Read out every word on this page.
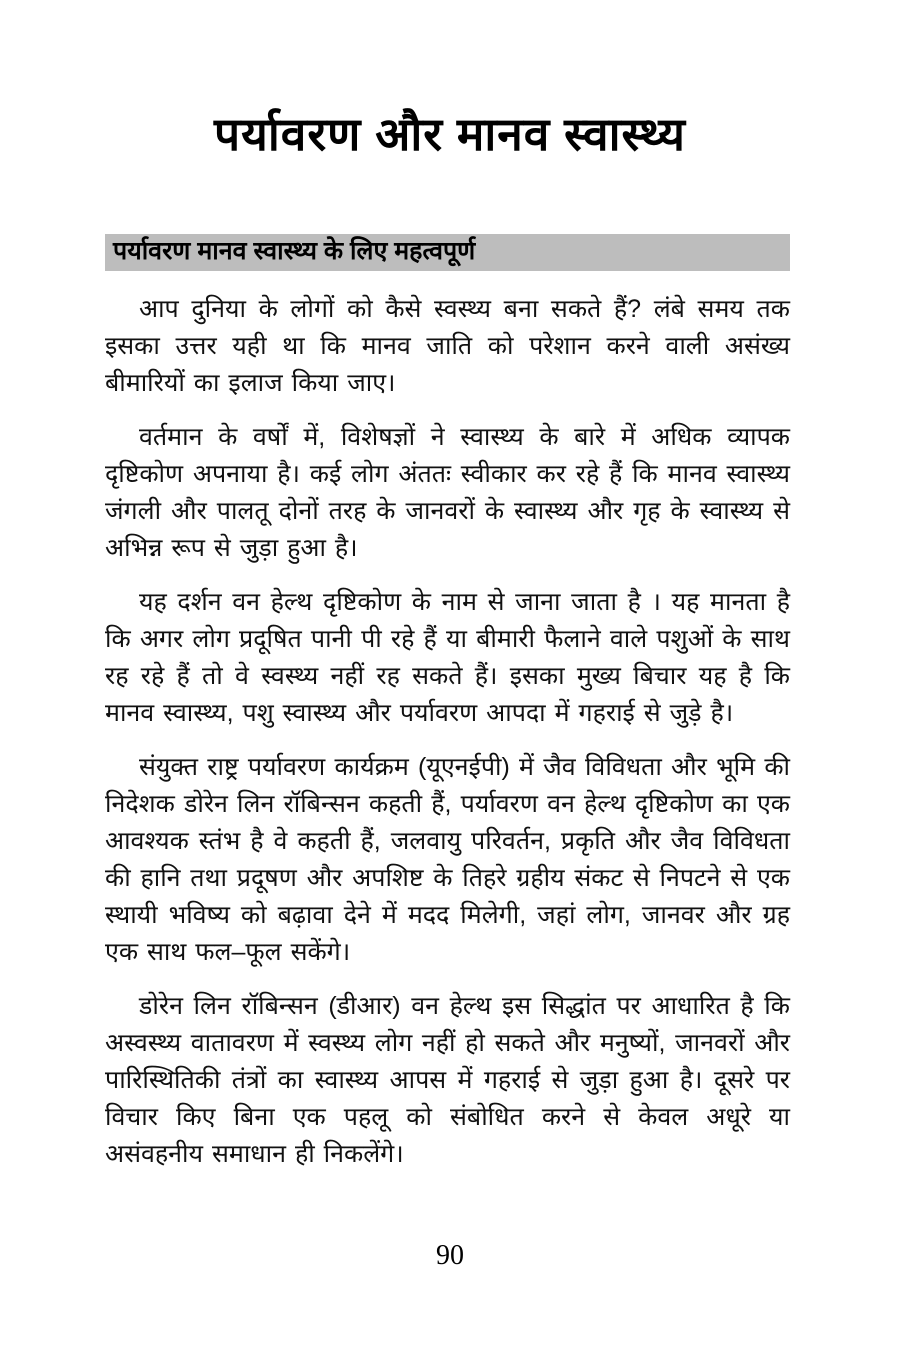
पर्यावरण और मानव स्वास्थ्य
पर्यावरण मानव स्वास्थ्य के लिए महत्वपूर्ण

आप दुनिया के लोगों को कैसे स्वस्थ्य बना सकते हैं? लंबे समय तक इसका उत्तर यही था कि मानव जाति को परेशान करने वाली असंख्य बीमारियों का इलाज किया जाए।

वर्तमान के वर्षों में, विशेषज्ञों ने स्वास्थ्य के बारे में अधिक व्यापक दृष्टिकोण अपनाया है। कई लोग अंततः स्वीकार कर रहे हैं कि मानव स्वास्थ्य जंगली और पालतू दोनों तरह के जानवरों के स्वास्थ्य और गृह के स्वास्थ्य से अभिन्न रूप से जुड़ा हुआ है।

यह दर्शन वन हेल्थ दृष्टिकोण के नाम से जाना जाता है । यह मानता है कि अगर लोग प्रदूषित पानी पी रहे हैं या बीमारी फैलाने वाले पशुओं के साथ रह रहे हैं तो वे स्वस्थ्य नहीं रह सकते हैं। इसका मुख्य बिचार यह है कि मानव स्वास्थ्य, पशु स्वास्थ्य और पर्यावरण आपदा में गहराई से जुड़े है।

संयुक्त राष्ट्र पर्यावरण कार्यक्रम (यूएनईपी) में जैव विविधता और भूमि की निदेशक डोरेन लिन रॉबिन्सन कहती हैं, पर्यावरण वन हेल्थ दृष्टिकोण का एक आवश्यक स्तंभ है वे कहती हैं, जलवायु परिवर्तन, प्रकृति और जैव विविधता की हानि तथा प्रदूषण और अपशिष्ट के तिहरे ग्रहीय संकट से निपटने से एक स्थायी भविष्य को बढ़ावा देने में मदद मिलेगी, जहां लोग, जानवर और ग्रह एक साथ फल–फूल सकेंगे।

डोरेन लिन रॉबिन्सन (डीआर) वन हेल्थ इस सिद्धांत पर आधारित है कि अस्वस्थ्य वातावरण में स्वस्थ्य लोग नहीं हो सकते और मनुष्यों, जानवरों और पारिस्थितिकी तंत्रों का स्वास्थ्य आपस में गहराई से जुड़ा हुआ है। दूसरे पर विचार किए बिना एक पहलू को संबोधित करने से केवल अधूरे या असंवहनीय समाधान ही निकलेंगे।

90
